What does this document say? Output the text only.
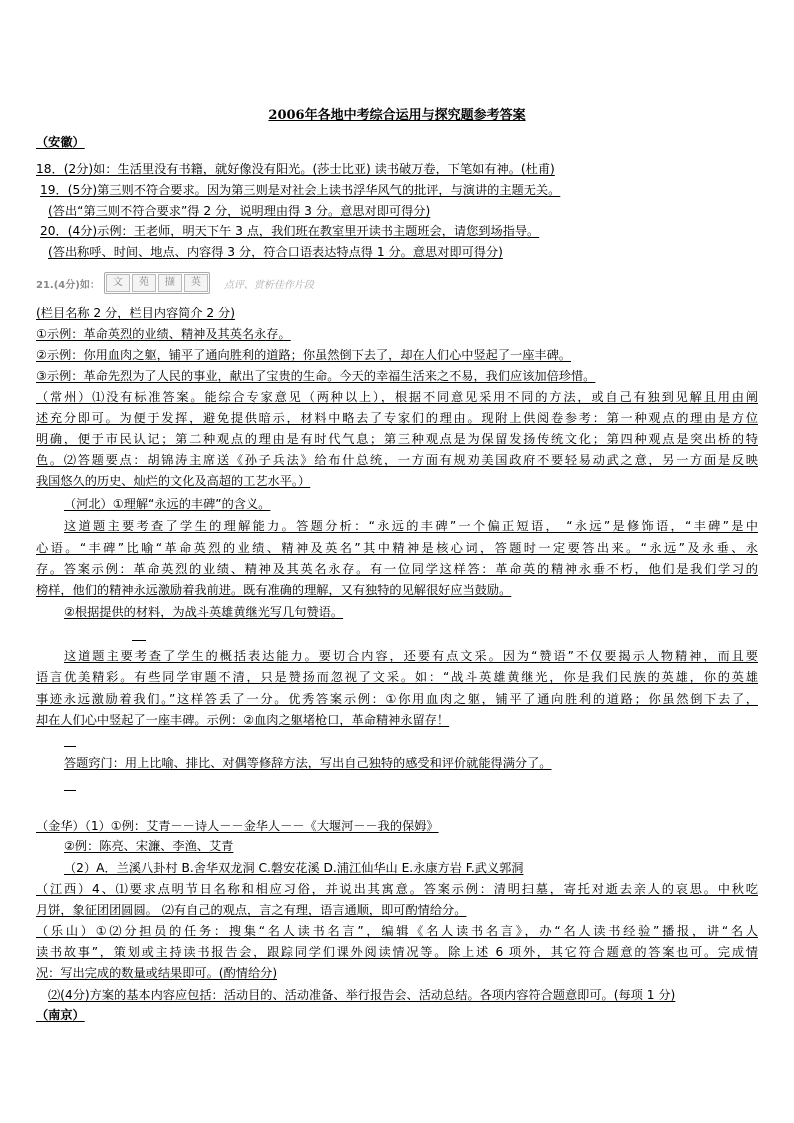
2006年各地中考综合运用与探究题参考答案
（安徽）
18．(2分)如：生活里没有书籍，就好像没有阳光。(莎士比亚) 读书破万卷，下笔如有神。(杜甫)
19．(5分)第三则不符合要求。因为第三则是对社会上读书浮华风气的批评，与演讲的主题无关。
(答出“第三则不符合要求”得 2 分，说明理由得 3 分。意思对即可得分)
20．(4分)示例：王老师，明天下午 3 点，我们班在教室里开读书主题班会，请您到场指导。
(答出称呼、时间、地点、内容得 3 分，符合口语表达特点得 1 分。意思对即可得分)
21.(4分)如：	文	苑	撷	英	点评、赏析佳作片段
(栏目名称 2 分，栏目内容简介 2 分)
①示例：革命英烈的业绩、精神及其英名永存。
②示例：你用血肉之躯，铺平了通向胜利的道路；你虽然倒下去了，却在人们心中竖起了一座丰碑。
③示例：革命先烈为了人民的事业，献出了宝贵的生命。今天的幸福生活来之不易，我们应该加倍珍惜。
（常州）⑴没有标准答案。能综合专家意见（两种以上），根据不同意见采用不同的方法，或自己有独到见解且用由阐
述充分即可。为便于发挥，避免提供暗示，材料中略去了专家们的理由。现附上供阅卷参考：第一种观点的理由是方位
明确，便于市民认记；第二种观点的理由是有时代气息；第三种观点是为保留发扬传统文化；第四种观点是突出桥的特
色。⑵答题要点：胡锦涛主席送《孙子兵法》给布什总统，一方面有规劝美国政府不要轻易动武之意，另一方面是反映
我国悠久的历史、灿烂的文化及高超的工艺水平。）
（河北）①理解“永远的丰碑”的含义。
这道题主要考查了学生的理解能力。答题分析：“永远的丰碑”一个偏正短语， “永远”是修饰语，“丰碑”是中
心语。“丰碑”比喻“革命英烈的业绩、精神及英名”其中精神是核心词，答题时一定要答出来。“永远”及永垂、永
存。答案示例：革命英烈的业绩、精神及其英名永存。有一位同学这样答：革命英的精神永垂不朽，他们是我们学习的
榜样，他们的精神永远激励着我前进。既有准确的理解，又有独特的见解很好应当鼓励。
②根据提供的材料，为战斗英雄黄继光写几句赞语。
这道题主要考查了学生的概括表达能力。要切合内容，还要有点文采。因为“赞语”不仅要揭示人物精神，而且要
语言优美精彩。有些同学审题不清，只是赞扬而忽视了文采。如：“战斗英雄黄继光，你是我们民族的英雄，你的英雄
事迹永远激励着我们。”这样答丢了一分。优秀答案示例：①你用血肉之躯，铺平了通向胜利的道路；你虽然倒下去了，
却在人们心中竖起了一座丰碑。示例：②血肉之躯堵枪口，革命精神永留存！
答题窍门：用上比喻、排比、对偶等修辞方法，写出自己独特的感受和评价就能得满分了。
（金华）（1）①例：艾青－－诗人－－金华人－－《大堰河－－我的保姆》
②例：陈亮、宋濂、李渔、艾青
（2）A．兰溪八卦村 B.舍华双龙洞 C.磐安花溪 D.浦江仙华山 E.永康方岩 F.武义郭洞
（江西）4、⑴要求点明节日名称和相应习俗，并说出其寓意。答案示例：清明扫墓，寄托对逝去亲人的哀思。中秋吃
月饼，象征团团圆圆。 ⑵有自己的观点，言之有理，语言通顺，即可酌情给分。
（乐山）①⑵分担员的任务：搜集“名人读书名言”，编辑《名人读书名言》，办“名人读书经验”播报，讲“名人
读书故事”，策划或主持读书报告会，跟踪同学们课外阅读情况等。除上述 6 项外，其它符合题意的答案也可。完成情
况：写出完成的数量或结果即可。(酌情给分)
⑵(4分)方案的基本内容应包括：活动目的、活动准备、举行报告会、活动总结。各项内容符合题意即可。(每项 1 分)
（南京）
